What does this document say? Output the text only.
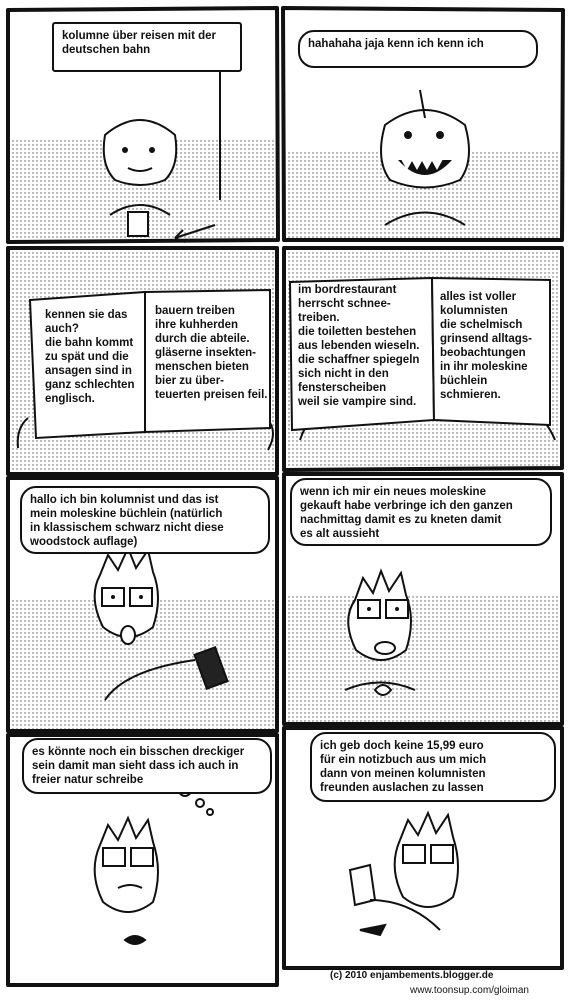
kolumne über reisen mit der
deutschen bahn	hahahaha jaja kenn ich kenn ich
kennen sie das
auch?
die bahn kommt
zu spät und die
ansagen sind in
ganz schlechten
englisch.
bauern treiben
ihre kuhherden
durch die abteile.
gläserne insekten-
menschen bieten
bier zu über-
teuerten preisen feil.
im bordrestaurant
herrscht schnee-
treiben.
die toiletten bestehen
aus lebenden wieseln.
die schaffner spiegeln
sich nicht in den
fensterscheiben
weil sie vampire sind.
alles ist voller
kolumnisten
die schelmisch
grinsend alltags-
beobachtungen
in ihr moleskine
büchlein
schmieren.
hallo ich bin kolumnist und das ist
mein moleskine büchlein (natürlich
in klassischem schwarz nicht diese
woodstock auflage)
wenn ich mir ein neues moleskine
gekauft habe verbringe ich den ganzen
nachmittag damit es zu kneten damit
es alt aussieht
es könnte noch ein bisschen dreckiger
sein damit man sieht dass ich auch in
freier natur schreibe
ich geb doch keine 15,99 euro
für ein notizbuch aus um mich
dann von meinen kolumnisten
freunden auslachen zu lassen
(c) 2010 enjambements.blogger.de
www.toonsup.com/gloiman
